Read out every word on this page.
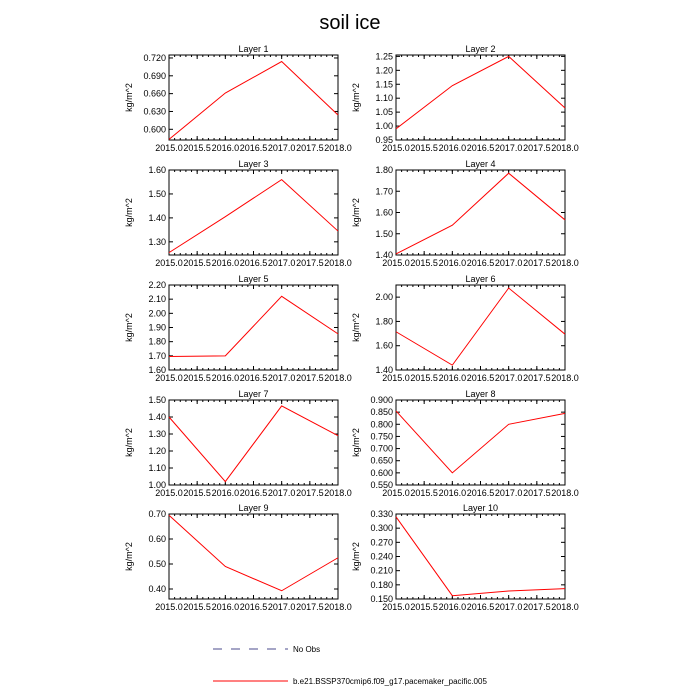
soil ice
Layer 1
2015.0 2015.5 2016.0 2016.5 2017.0 2017.5 2018.0
0.600
0.630
0.660
0.690
0.720
kg/m^2
Layer 2
2015.0 2015.5 2016.0 2016.5 2017.0 2017.5 2018.0
0.95
1.00
1.05
1.10
1.15
1.20
1.25
kg/m^2
Layer 3
2015.0 2015.5 2016.0 2016.5 2017.0 2017.5 2018.0
1.30
1.40
1.50
1.60
kg/m^2
Layer 4
2015.0 2015.5 2016.0 2016.5 2017.0 2017.5 2018.0
1.40
1.50
1.60
1.70
1.80
kg/m^2
Layer 5
2015.0 2015.5 2016.0 2016.5 2017.0 2017.5 2018.0
1.60
1.70
1.80
1.90
2.00
2.10
2.20
kg/m^2
Layer 6
2015.0 2015.5 2016.0 2016.5 2017.0 2017.5 2018.0
1.40
1.60
1.80
2.00
kg/m^2
Layer 7
2015.0 2015.5 2016.0 2016.5 2017.0 2017.5 2018.0
1.00
1.10
1.20
1.30
1.40
1.50
kg/m^2
Layer 8
2015.0 2015.5 2016.0 2016.5 2017.0 2017.5 2018.0
0.550
0.600
0.650
0.700
0.750
0.800
0.850
0.900
kg/m^2
Layer 9
2015.0 2015.5 2016.0 2016.5 2017.0 2017.5 2018.0
0.40
0.50
0.60
0.70
kg/m^2
Layer 10
2015.0 2015.5 2016.0 2016.5 2017.0 2017.5 2018.0
0.150
0.180
0.210
0.240
0.270
0.300
0.330
kg/m^2
No Obs
b.e21.BSSP370cmip6.f09_g17.pacemaker_pacific.005
